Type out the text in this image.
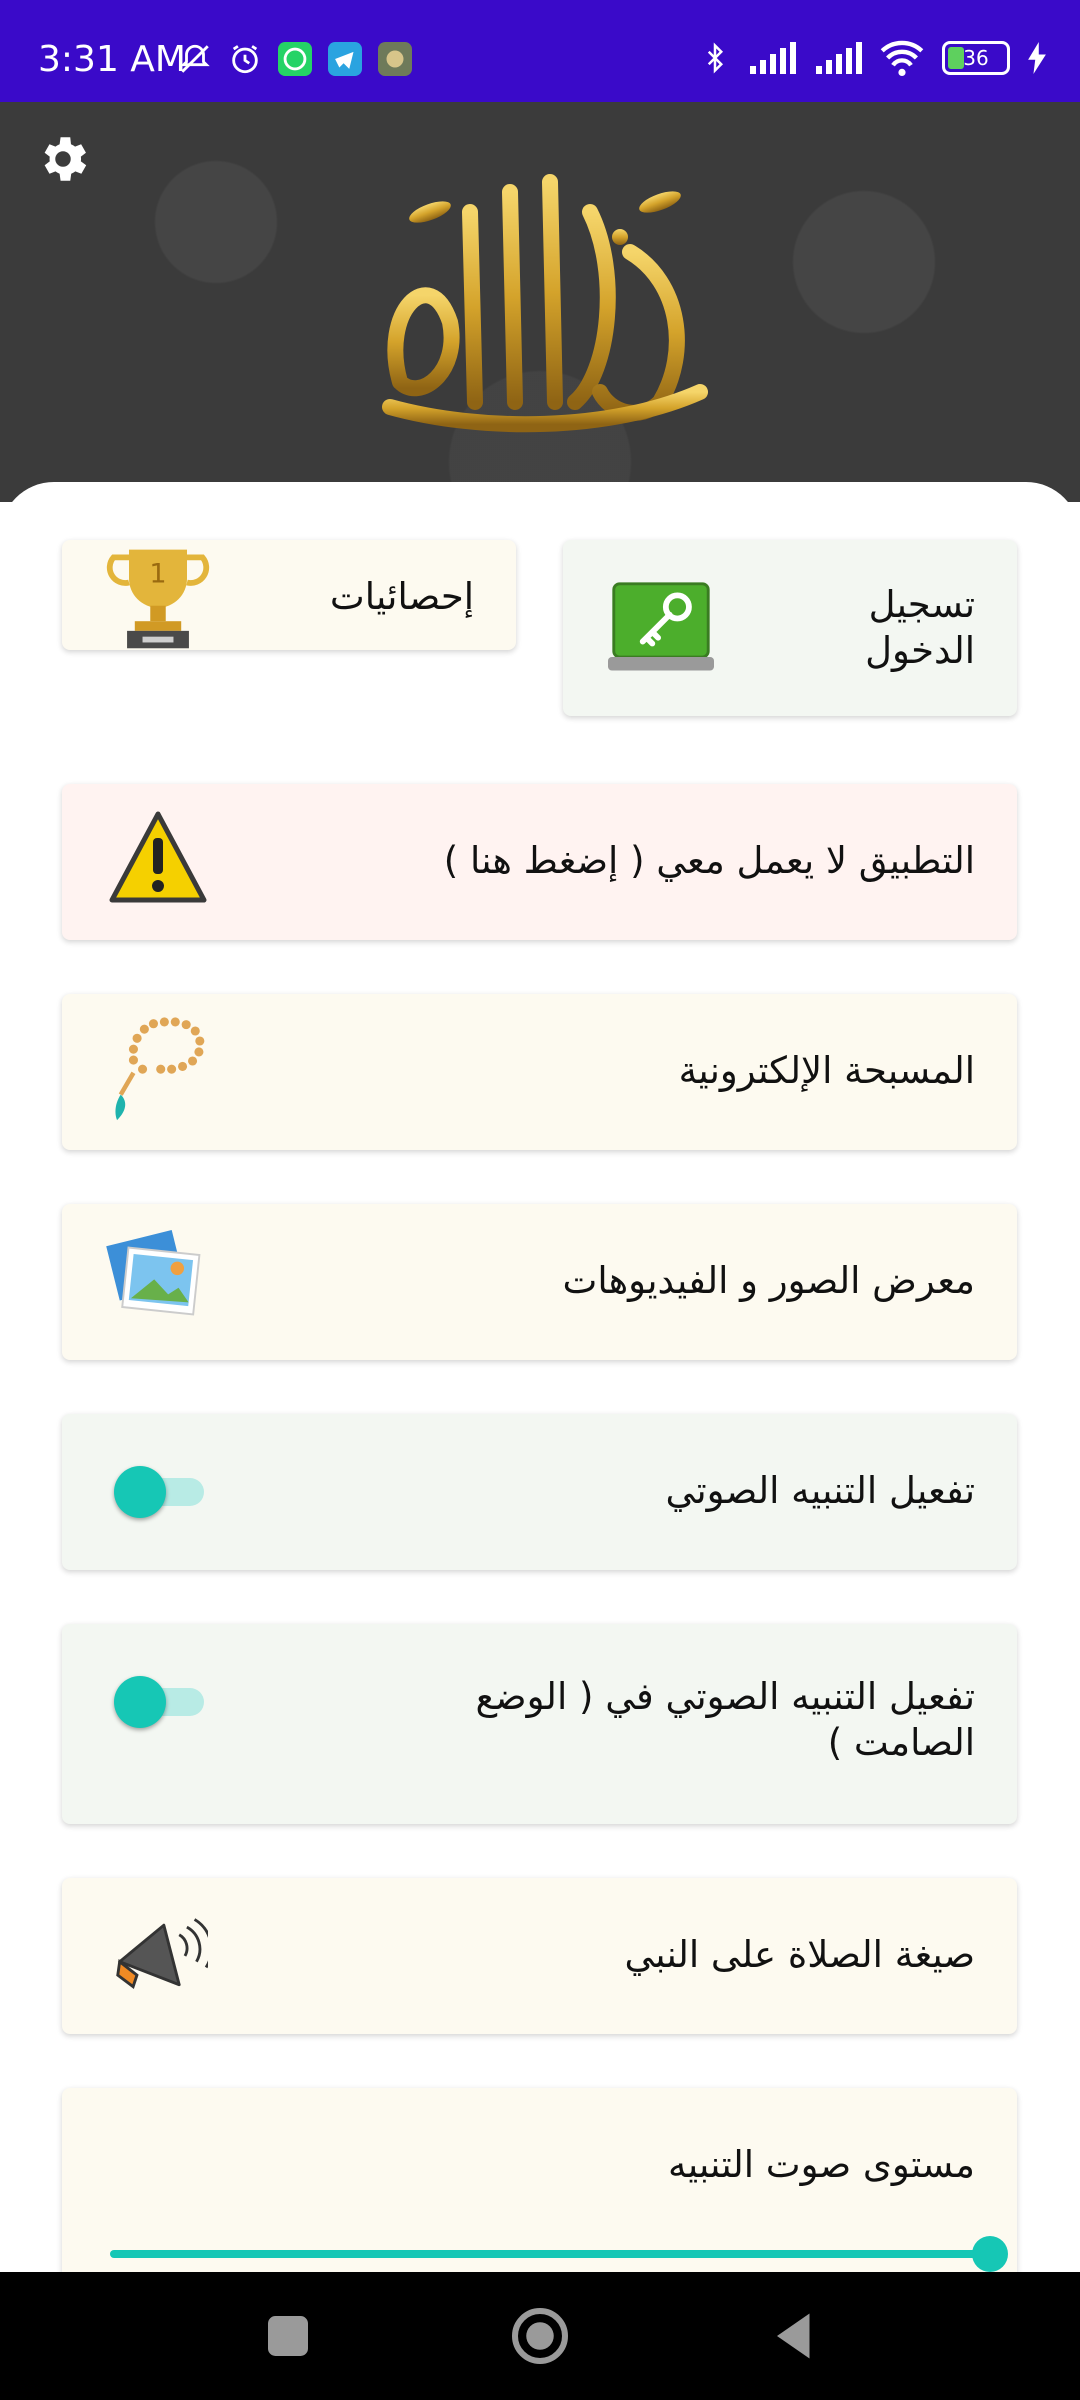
3:31 AM	36
إحصائيات
1
تسجيل الدخول
التطبيق لا يعمل معي ( إضغط هنا )
المسبحة الإلكترونية
معرض الصور و الفيديوهات
تفعيل التنبيه الصوتي
تفعيل التنبيه الصوتي في ( الوضع الصامت )
صيغة الصلاة على النبي
مستوى صوت التنبيه
